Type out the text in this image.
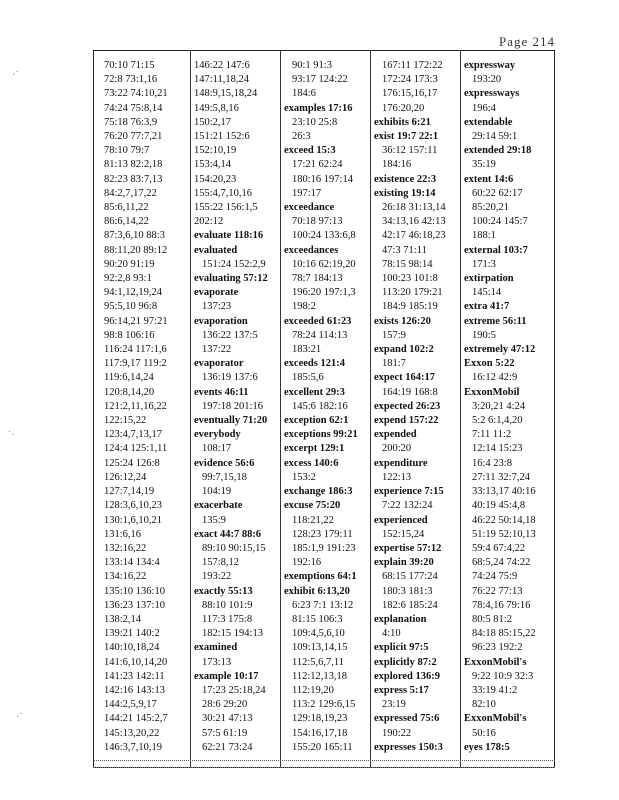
Page 214
·˙
˙·
·˙
70:10 71:15
72:8 73:1,16
73:22 74:10,21
74:24 75:8,14
75:18 76:3,9
76:20 77:7,21
78:10 79:7
81:13 82:2,18
82:23 83:7,13
84:2,7,17,22
85:6,11,22
86:6,14,22
87:3,6,10 88:3
88:11,20 89:12
90:20 91:19
92:2,8 93:1
94:1,12,19,24
95:5,10 96:8
96:14,21 97:21
98:8 106:16
116:24 117:1,6
117:9,17 119:2
119:6,14,24
120:8,14,20
121:2,11,16,22
122:15,22
123:4,7,13,17
124:4 125:1,11
125:24 126:8
126:12,24
127:7,14,19
128:3,6,10,23
130:1,6,10,21
131:6,16
132:16,22
133:14 134:4
134:16,22
135:10 136:10
136:23 137:10
138:2,14
139:21 140:2
140:10,18,24
141:6,10,14,20
141:23 142:11
142:16 143:13
144:2,5,9,17
144:21 145:2,7
145:13,20,22
146:3,7,10,19
146:22 147:6
147:11,18,24
148:9,15,18,24
149:5,8,16
150:2,17
151:21 152:6
152:10,19
153:4,14
154:20,23
155:4,7,10,16
155:22 156:1,5
202:12
evaluate 118:16
evaluated
151:24 152:2,9
evaluating 57:12
evaporate
137:23
evaporation
136:22 137:5
137:22
evaporator
136:19 137:6
events 46:11
197:18 201:16
eventually 71:20
everybody
108:17
evidence 56:6
99:7,15,18
104:19
exacerbate
135:9
exact 44:7 88:6
89:10 90:15,15
157:8,12
193:22
exactly 55:13
88:10 101:9
117:3 175:8
182:15 194:13
examined
173:13
example 10:17
17:23 25:18,24
28:6 29:20
30:21 47:13
57:5 61:19
62:21 73:24
90:1 91:3
93:17 124:22
184:6
examples 17:16
23:10 25:8
26:3
exceed 15:3
17:21 62:24
180:16 197:14
197:17
exceedance
70:18 97:13
100:24 133:6,8
exceedances
10:16 62:19,20
78:7 184:13
196:20 197:1,3
198:2
exceeded 61:23
78:24 114:13
183:21
exceeds 121:4
185:5,6
excellent 29:3
145:6 182:16
exception 62:1
exceptions 99:21
excerpt 129:1
excess 140:6
153:2
exchange 186:3
excuse 75:20
118:21,22
128:23 179:11
185:1,9 191:23
192:16
exemptions 64:1
exhibit 6:13,20
6:23 7:1 13:12
81:15 106:3
109:4,5,6,10
109:13,14,15
112:5,6,7,11
112:12,13,18
112:19,20
113:2 129:6,15
129:18,19,23
154:16,17,18
155:20 165:11
167:11 172:22
172:24 173:3
176:15,16,17
176:20,20
exhibits 6:21
exist 19:7 22:1
36:12 157:11
184:16
existence 22:3
existing 19:14
26:18 31:13,14
34:13,16 42:13
42:17 46:18,23
47:3 71:11
78:15 98:14
100:23 101:8
113:20 179:21
184:9 185:19
exists 126:20
157:9
expand 102:2
181:7
expect 164:17
164:19 168:8
expected 26:23
expend 157:22
expended
200:20
expenditure
122:13
experience 7:15
7:22 132:24
experienced
152:15,24
expertise 57:12
explain 39:20
68:15 177:24
180:3 181:3
182:6 185:24
explanation
4:10
explicit 97:5
explicitly 87:2
explored 136:9
express 5:17
23:19
expressed 75:6
190:22
expresses 150:3
expressway
193:20
expressways
196:4
extendable
29:14 59:1
extended 29:18
35:19
extent 14:6
60:22 62:17
85:20,21
100:24 145:7
188:1
external 103:7
171:3
extirpation
145:14
extra 41:7
extreme 56:11
190:5
extremely 47:12
Exxon 5:22
16:12 42:9
ExxonMobil
3:20,21 4:24
5:2 6:1,4,20
7:11 11:2
12:14 15:23
16:4 23:8
27:11 32:7,24
33:13,17 40:16
40:19 45:4,8
46:22 50:14,18
51:19 52:10,13
59:4 67:4,22
68:5,24 74:22
74:24 75:9
76:22 77:13
78:4,16 79:16
80:5 81:2
84:18 85:15,22
96:23 192:2
ExxonMobil's
9:22 10:9 32:3
33:19 41:2
82:10
ExxonMobil's
50:16
eyes 178:5
